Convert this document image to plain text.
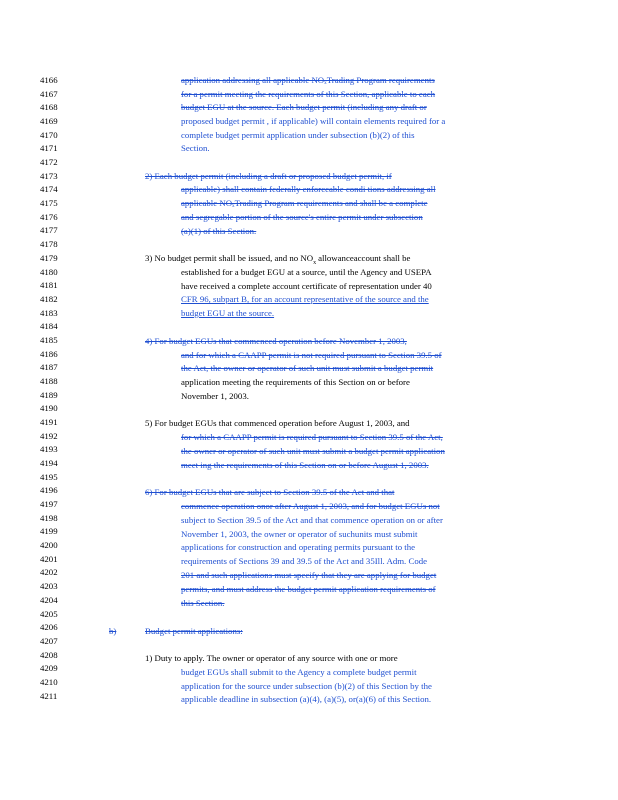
4166
4167
4168
4169
4170
4171
4172
4173
4174
4175
4176
4177
4178
4179
4180
4181
4182
4183
4184
4185
4186
4187
4188
4189
4190
4191
4192
4193
4194
4195
4196
4197
4198
4199
4200
4201
4202
4203
4204
4205
4206
4207
4208
4209
4210
4211
application addressing all applicable NOₓTrading Program requirements
for a permit meeting the requirements of this Section, applicable to each
budget EGU at the source. Each budget permit (including any draft or
proposed budget permit , if applicable) will contain elements required for a
complete budget permit application under subsection (b)(2) of this
Section.
2) Each budget permit (including a draft or proposed budget permit, if
applicable) shall contain federally enforceable condi tions addressing all
applicable NOₓTrading Program requirements and shall be a complete
and segregable portion of the source's entire permit under subsection
(a)(1) of this Section.
3) No budget permit shall be issued, and no $NO_x$ allowanceaccount shall be
established for a budget EGU at a source, until the Agency and USEPA
have received a complete account certificate of representation under 40
CFR 96, subpart B, for an account representative of the source and the
budget EGU at the source.
4) For budget EGUs that commenced operation before November 1, 2003,
and for which a CAAPP permit is not required pursuant to Section 39.5 of
the Act, the owner or operator of such unit must submit a budget permit
application meeting the requirements of this Section on or before
November 1, 2003.
5) For budget EGUs that commenced operation before August 1, 2003, and
for which a CAAPP permit is required pursuant to Section 39.5 of the Act,
the owner or operator of such unit must submit a budget permit application
meet ing the requirements of this Section on or before August 1, 2003.
6) For budget EGUs that are subject to Section 39.5 of the Act and that
commence operation onor after August 1, 2003, and for budget EGUs not
subject to Section 39.5 of the Act and that commence operation on or after
November 1, 2003, the owner or operator of suchunits must submit
applications for construction and operating permits pursuant to the
requirements of Sections 39 and 39.5 of the Act and 35Ill. Adm. Code
201 and such applications must specify that they are applying for budget
permits, and must address the budget permit application requirements of
this Section.
b)	Budget permit applications:
1) Duty to apply. The owner or operator of any source with one or more
budget EGUs shall submit to the Agency a complete budget permit
application for the source under subsection (b)(2) of this Section by the
applicable deadline in subsection (a)(4), (a)(5), or(a)(6) of this Section.
